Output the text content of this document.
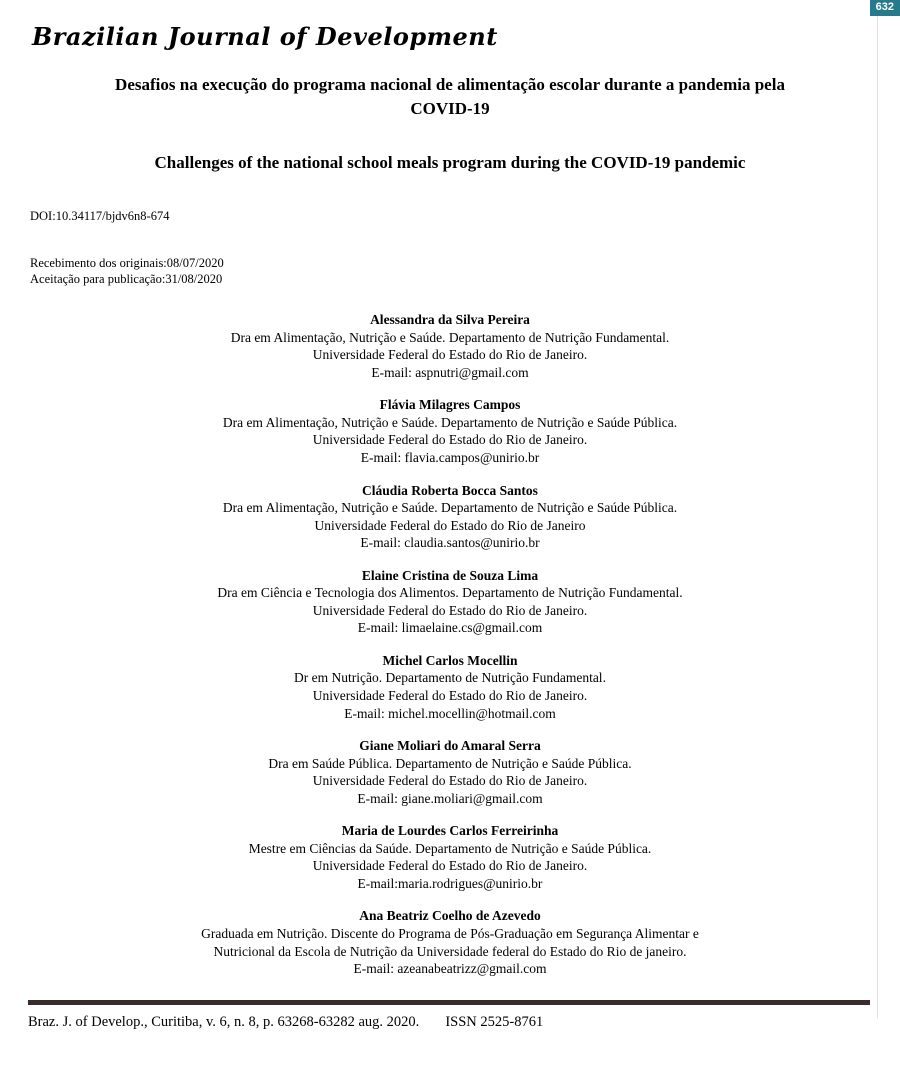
632
Brazilian Journal of Development
Desafios na execução do programa nacional de alimentação escolar durante a pandemia pela COVID-19
Challenges of the national school meals program during the COVID-19 pandemic

DOI:10.34117/bjdv6n8-674

Recebimento dos originais:08/07/2020

Aceitação para publicação:31/08/2020

Alessandra da Silva Pereira
Dra em Alimentação, Nutrição e Saúde. Departamento de Nutrição Fundamental.
Universidade Federal do Estado do Rio de Janeiro.
E-mail: aspnutri@gmail.com
Flávia Milagres Campos
Dra em Alimentação, Nutrição e Saúde. Departamento de Nutrição e Saúde Pública.
Universidade Federal do Estado do Rio de Janeiro.
E-mail: flavia.campos@unirio.br
Cláudia Roberta Bocca Santos
Dra em Alimentação, Nutrição e Saúde. Departamento de Nutrição e Saúde Pública.
Universidade Federal do Estado do Rio de Janeiro
E-mail: claudia.santos@unirio.br
Elaine Cristina de Souza Lima
Dra em Ciência e Tecnologia dos Alimentos. Departamento de Nutrição Fundamental.
Universidade Federal do Estado do Rio de Janeiro.
E-mail: limaelaine.cs@gmail.com
Michel Carlos Mocellin
Dr em Nutrição. Departamento de Nutrição Fundamental.
Universidade Federal do Estado do Rio de Janeiro.
E-mail: michel.mocellin@hotmail.com
Giane Moliari do Amaral Serra
Dra em Saúde Pública. Departamento de Nutrição e Saúde Pública.
Universidade Federal do Estado do Rio de Janeiro.
E-mail: giane.moliari@gmail.com
Maria de Lourdes Carlos Ferreirinha
Mestre em Ciências da Saúde. Departamento de Nutrição e Saúde Pública.
Universidade Federal do Estado do Rio de Janeiro.
E-mail:maria.rodrigues@unirio.br
Ana Beatriz Coelho de Azevedo
Graduada em Nutrição. Discente do Programa de Pós-Graduação em Segurança Alimentar e
Nutricional da Escola de Nutrição da Universidade federal do Estado do Rio de janeiro.
E-mail: azeanabeatrizz@gmail.com
Braz. J. of Develop., Curitiba, v. 6, n. 8, p. 63268-63282 aug. 2020. ISSN 2525-8761
